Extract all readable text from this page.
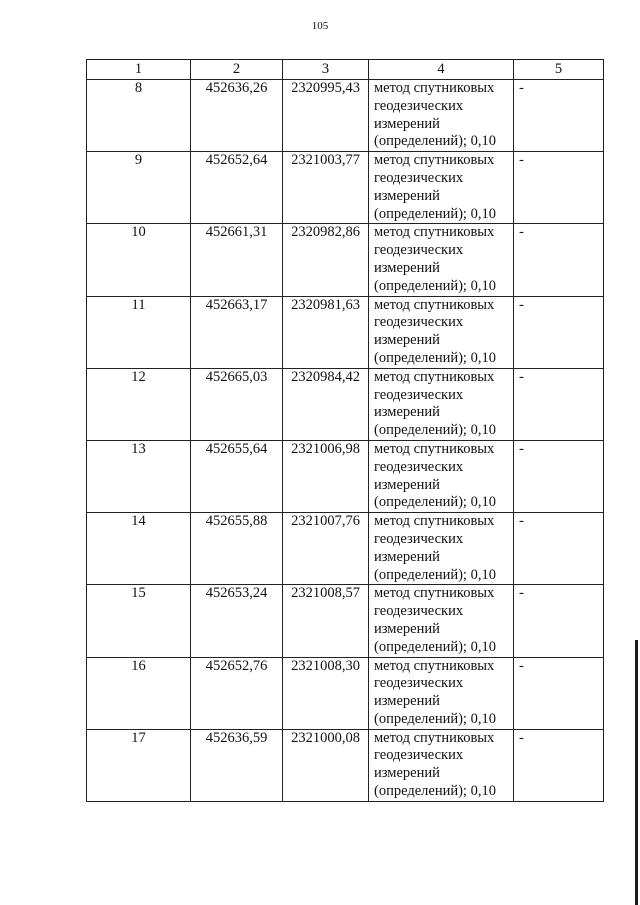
105
1	2	3	4	5
8	452636,26	2320995,43	метод спутниковых
геодезических
измерений
(определений); 0,10	-
9	452652,64	2321003,77	метод спутниковых
геодезических
измерений
(определений); 0,10	-
10	452661,31	2320982,86	метод спутниковых
геодезических
измерений
(определений); 0,10	-
11	452663,17	2320981,63	метод спутниковых
геодезических
измерений
(определений); 0,10	-
12	452665,03	2320984,42	метод спутниковых
геодезических
измерений
(определений); 0,10	-
13	452655,64	2321006,98	метод спутниковых
геодезических
измерений
(определений); 0,10	-
14	452655,88	2321007,76	метод спутниковых
геодезических
измерений
(определений); 0,10	-
15	452653,24	2321008,57	метод спутниковых
геодезических
измерений
(определений); 0,10	-
16	452652,76	2321008,30	метод спутниковых
геодезических
измерений
(определений); 0,10	-
17	452636,59	2321000,08	метод спутниковых
геодезических
измерений
(определений); 0,10	-
